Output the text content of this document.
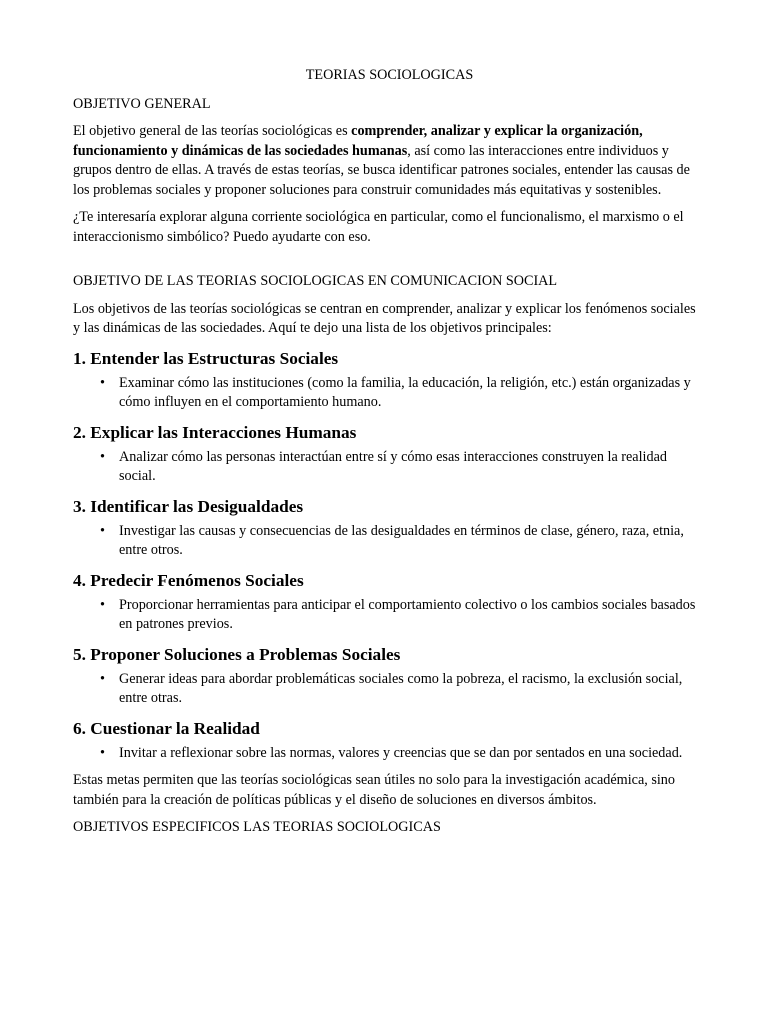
TEORIAS SOCIOLOGICAS
OBJETIVO GENERAL

El objetivo general de las teorías sociológicas es comprender, analizar y explicar la organización, funcionamiento y dinámicas de las sociedades humanas, así como las interacciones entre individuos y grupos dentro de ellas. A través de estas teorías, se busca identificar patrones sociales, entender las causas de los problemas sociales y proponer soluciones para construir comunidades más equitativas y sostenibles.

¿Te interesaría explorar alguna corriente sociológica en particular, como el funcionalismo, el marxismo o el interaccionismo simbólico? Puedo ayudarte con eso.

OBJETIVO DE LAS TEORIAS SOCIOLOGICAS EN COMUNICACION SOCIAL

Los objetivos de las teorías sociológicas se centran en comprender, analizar y explicar los fenómenos sociales y las dinámicas de las sociedades. Aquí te dejo una lista de los objetivos principales:

1. Entender las Estructuras Sociales
• Examinar cómo las instituciones (como la familia, la educación, la religión, etc.) están organizadas y cómo influyen en el comportamiento humano.
2. Explicar las Interacciones Humanas
• Analizar cómo las personas interactúan entre sí y cómo esas interacciones construyen la realidad social.
3. Identificar las Desigualdades
• Investigar las causas y consecuencias de las desigualdades en términos de clase, género, raza, etnia, entre otros.
4. Predecir Fenómenos Sociales
• Proporcionar herramientas para anticipar el comportamiento colectivo o los cambios sociales basados en patrones previos.
5. Proponer Soluciones a Problemas Sociales
• Generar ideas para abordar problemáticas sociales como la pobreza, el racismo, la exclusión social, entre otras.
6. Cuestionar la Realidad
• Invitar a reflexionar sobre las normas, valores y creencias que se dan por sentados en una sociedad.

Estas metas permiten que las teorías sociológicas sean útiles no solo para la investigación académica, sino también para la creación de políticas públicas y el diseño de soluciones en diversos ámbitos.

OBJETIVOS ESPECIFICOS LAS TEORIAS SOCIOLOGICAS
